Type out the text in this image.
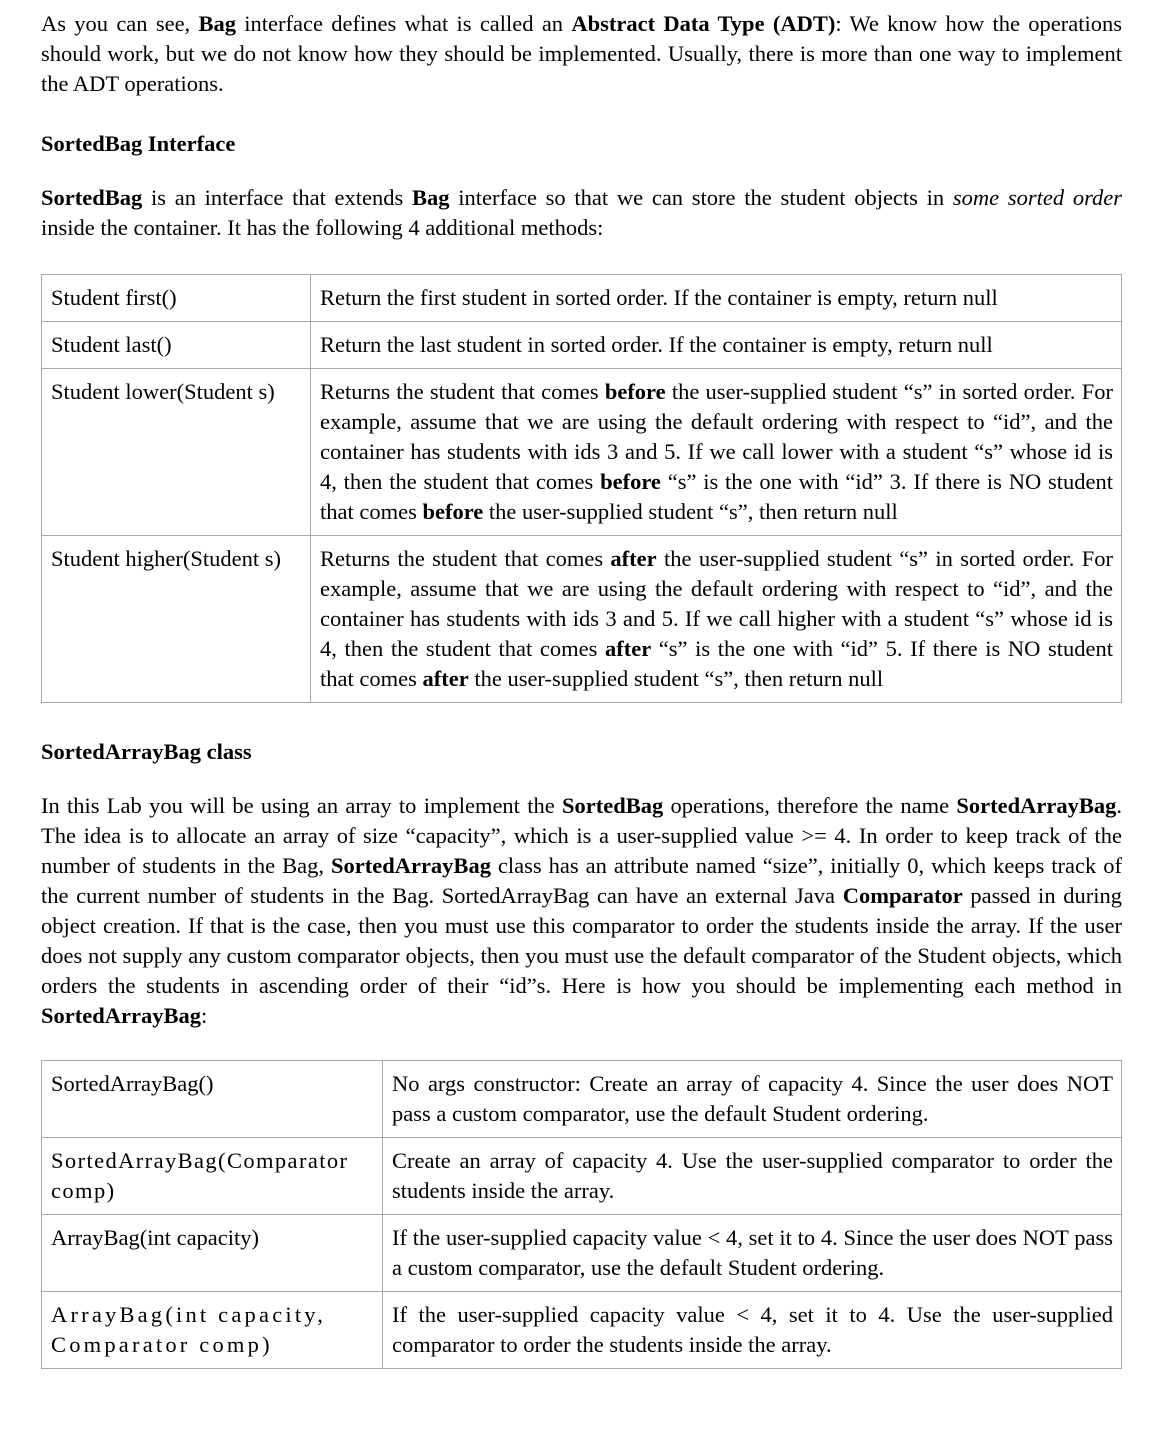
As you can see, Bag interface defines what is called an Abstract Data Type (ADT): We know how the operations should work, but we do not know how they should be implemented. Usually, there is more than one way to implement the ADT operations.

SortedBag Interface

SortedBag is an interface that extends Bag interface so that we can store the student objects in some sorted order inside the container. It has the following 4 additional methods:

Student first()	Return the first student in sorted order. If the container is empty, return null
Student last()	Return the last student in sorted order. If the container is empty, return null
Student lower(Student s)	Returns the student that comes before the user-supplied student “s” in sorted order. For example, assume that we are using the default ordering with respect to “id”, and the container has students with ids 3 and 5. If we call lower with a student “s” whose id is 4, then the student that comes before “s” is the one with “id” 3. If there is NO student that comes before the user-supplied student “s”, then return null
Student higher(Student s)	Returns the student that comes after the user-supplied student “s” in sorted order. For example, assume that we are using the default ordering with respect to “id”, and the container has students with ids 3 and 5. If we call higher with a student “s” whose id is 4, then the student that comes after “s” is the one with “id” 5. If there is NO student that comes after the user-supplied student “s”, then return null
SortedArrayBag class

In this Lab you will be using an array to implement the SortedBag operations, therefore the name SortedArrayBag. The idea is to allocate an array of size “capacity”, which is a user-supplied value >= 4. In order to keep track of the number of students in the Bag, SortedArrayBag class has an attribute named “size”, initially 0, which keeps track of the current number of students in the Bag. SortedArrayBag can have an external Java Comparator passed in during object creation. If that is the case, then you must use this comparator to order the students inside the array. If the user does not supply any custom comparator objects, then you must use the default comparator of the Student objects, which orders the students in ascending order of their “id”s. Here is how you should be implementing each method in SortedArrayBag:

SortedArrayBag()	No args constructor: Create an array of capacity 4. Since the user does NOT pass a custom comparator, use the default Student ordering.
SortedArrayBag(Comparator comp)	Create an array of capacity 4. Use the user-supplied comparator to order the students inside the array.
ArrayBag(int capacity)	If the user-supplied capacity value < 4, set it to 4. Since the user does NOT pass a custom comparator, use the default Student ordering.
ArrayBag(int capacity, Comparator comp)	If the user-supplied capacity value < 4, set it to 4. Use the user-supplied comparator to order the students inside the array.
